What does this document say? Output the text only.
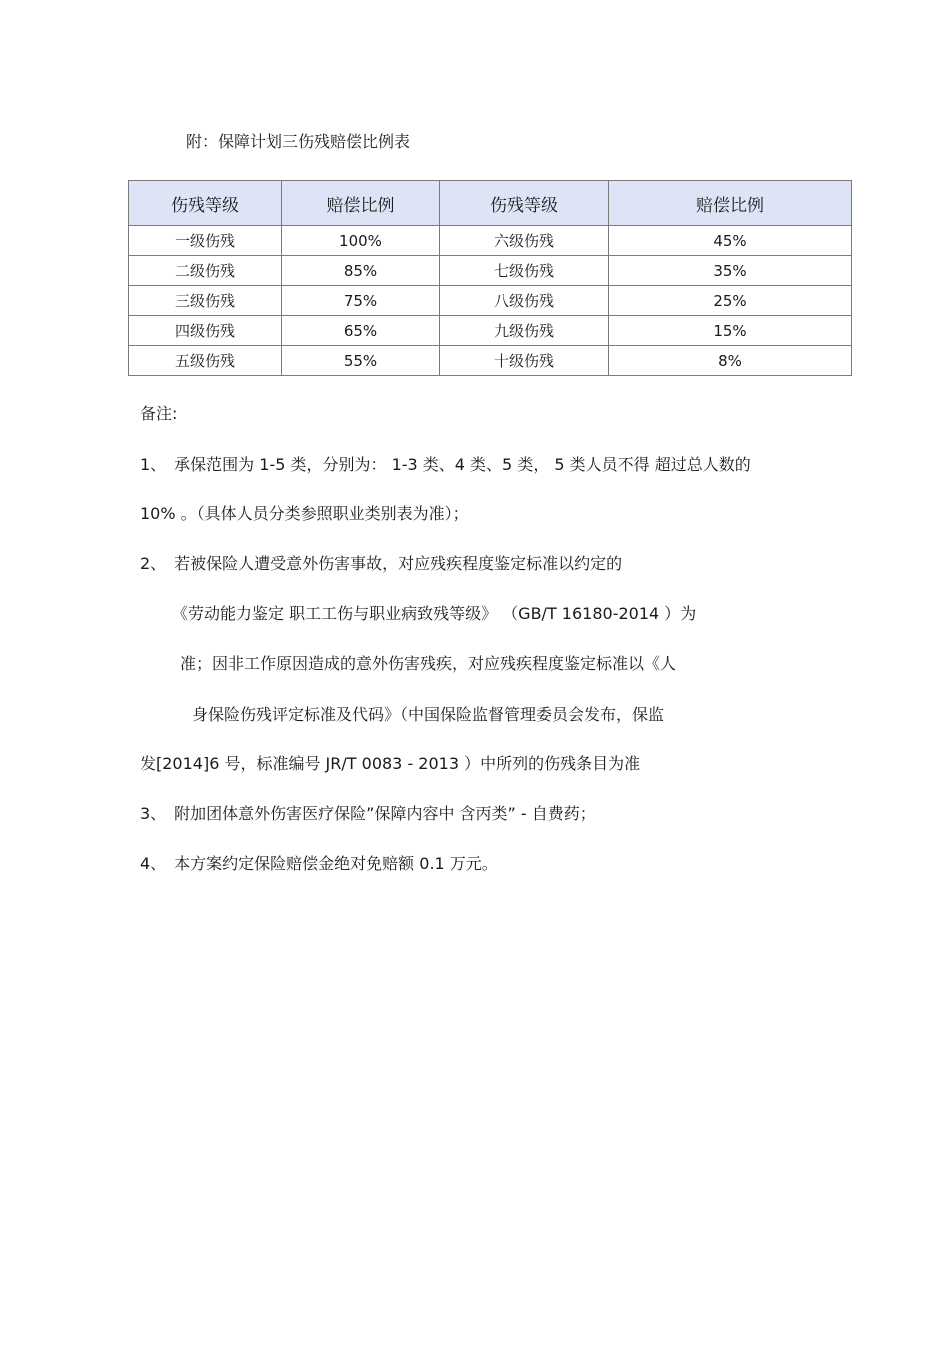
附：保障计划三伤残赔偿比例表
伤残等级	赔偿比例	伤残等级	赔偿比例
一级伤残	100%	六级伤残	45%
二级伤残	85%	七级伤残	35%
三级伤残	75%	八级伤残	25%
四级伤残	65%	九级伤残	15%
五级伤残	55%	十级伤残	8%
备注:
1、　承保范围为 1-5 类，分别为： 1-3 类、4 类、5 类， 5 类人员不得 超过总人数的
10% 。（具体人员分类参照职业类别表为准）；
2、　若被保险人遭受意外伤害事故，对应残疾程度鉴定标准以约定的
《劳动能力鉴定 职工工伤与职业病致残等级》 （GB/T 16180-2014 ）为
准；因非工作原因造成的意外伤害残疾，对应残疾程度鉴定标准以《人
身保险伤残评定标准及代码》（中国保险监督管理委员会发布，保监
发[2014]6 号，标准编号 JR/T 0083 - 2013 ）中所列的伤残条目为准
3、　附加团体意外伤害医疗保险”保障内容中 含丙类” - 自费药；
4、　本方案约定保险赔偿金绝对免赔额 0.1 万元。
